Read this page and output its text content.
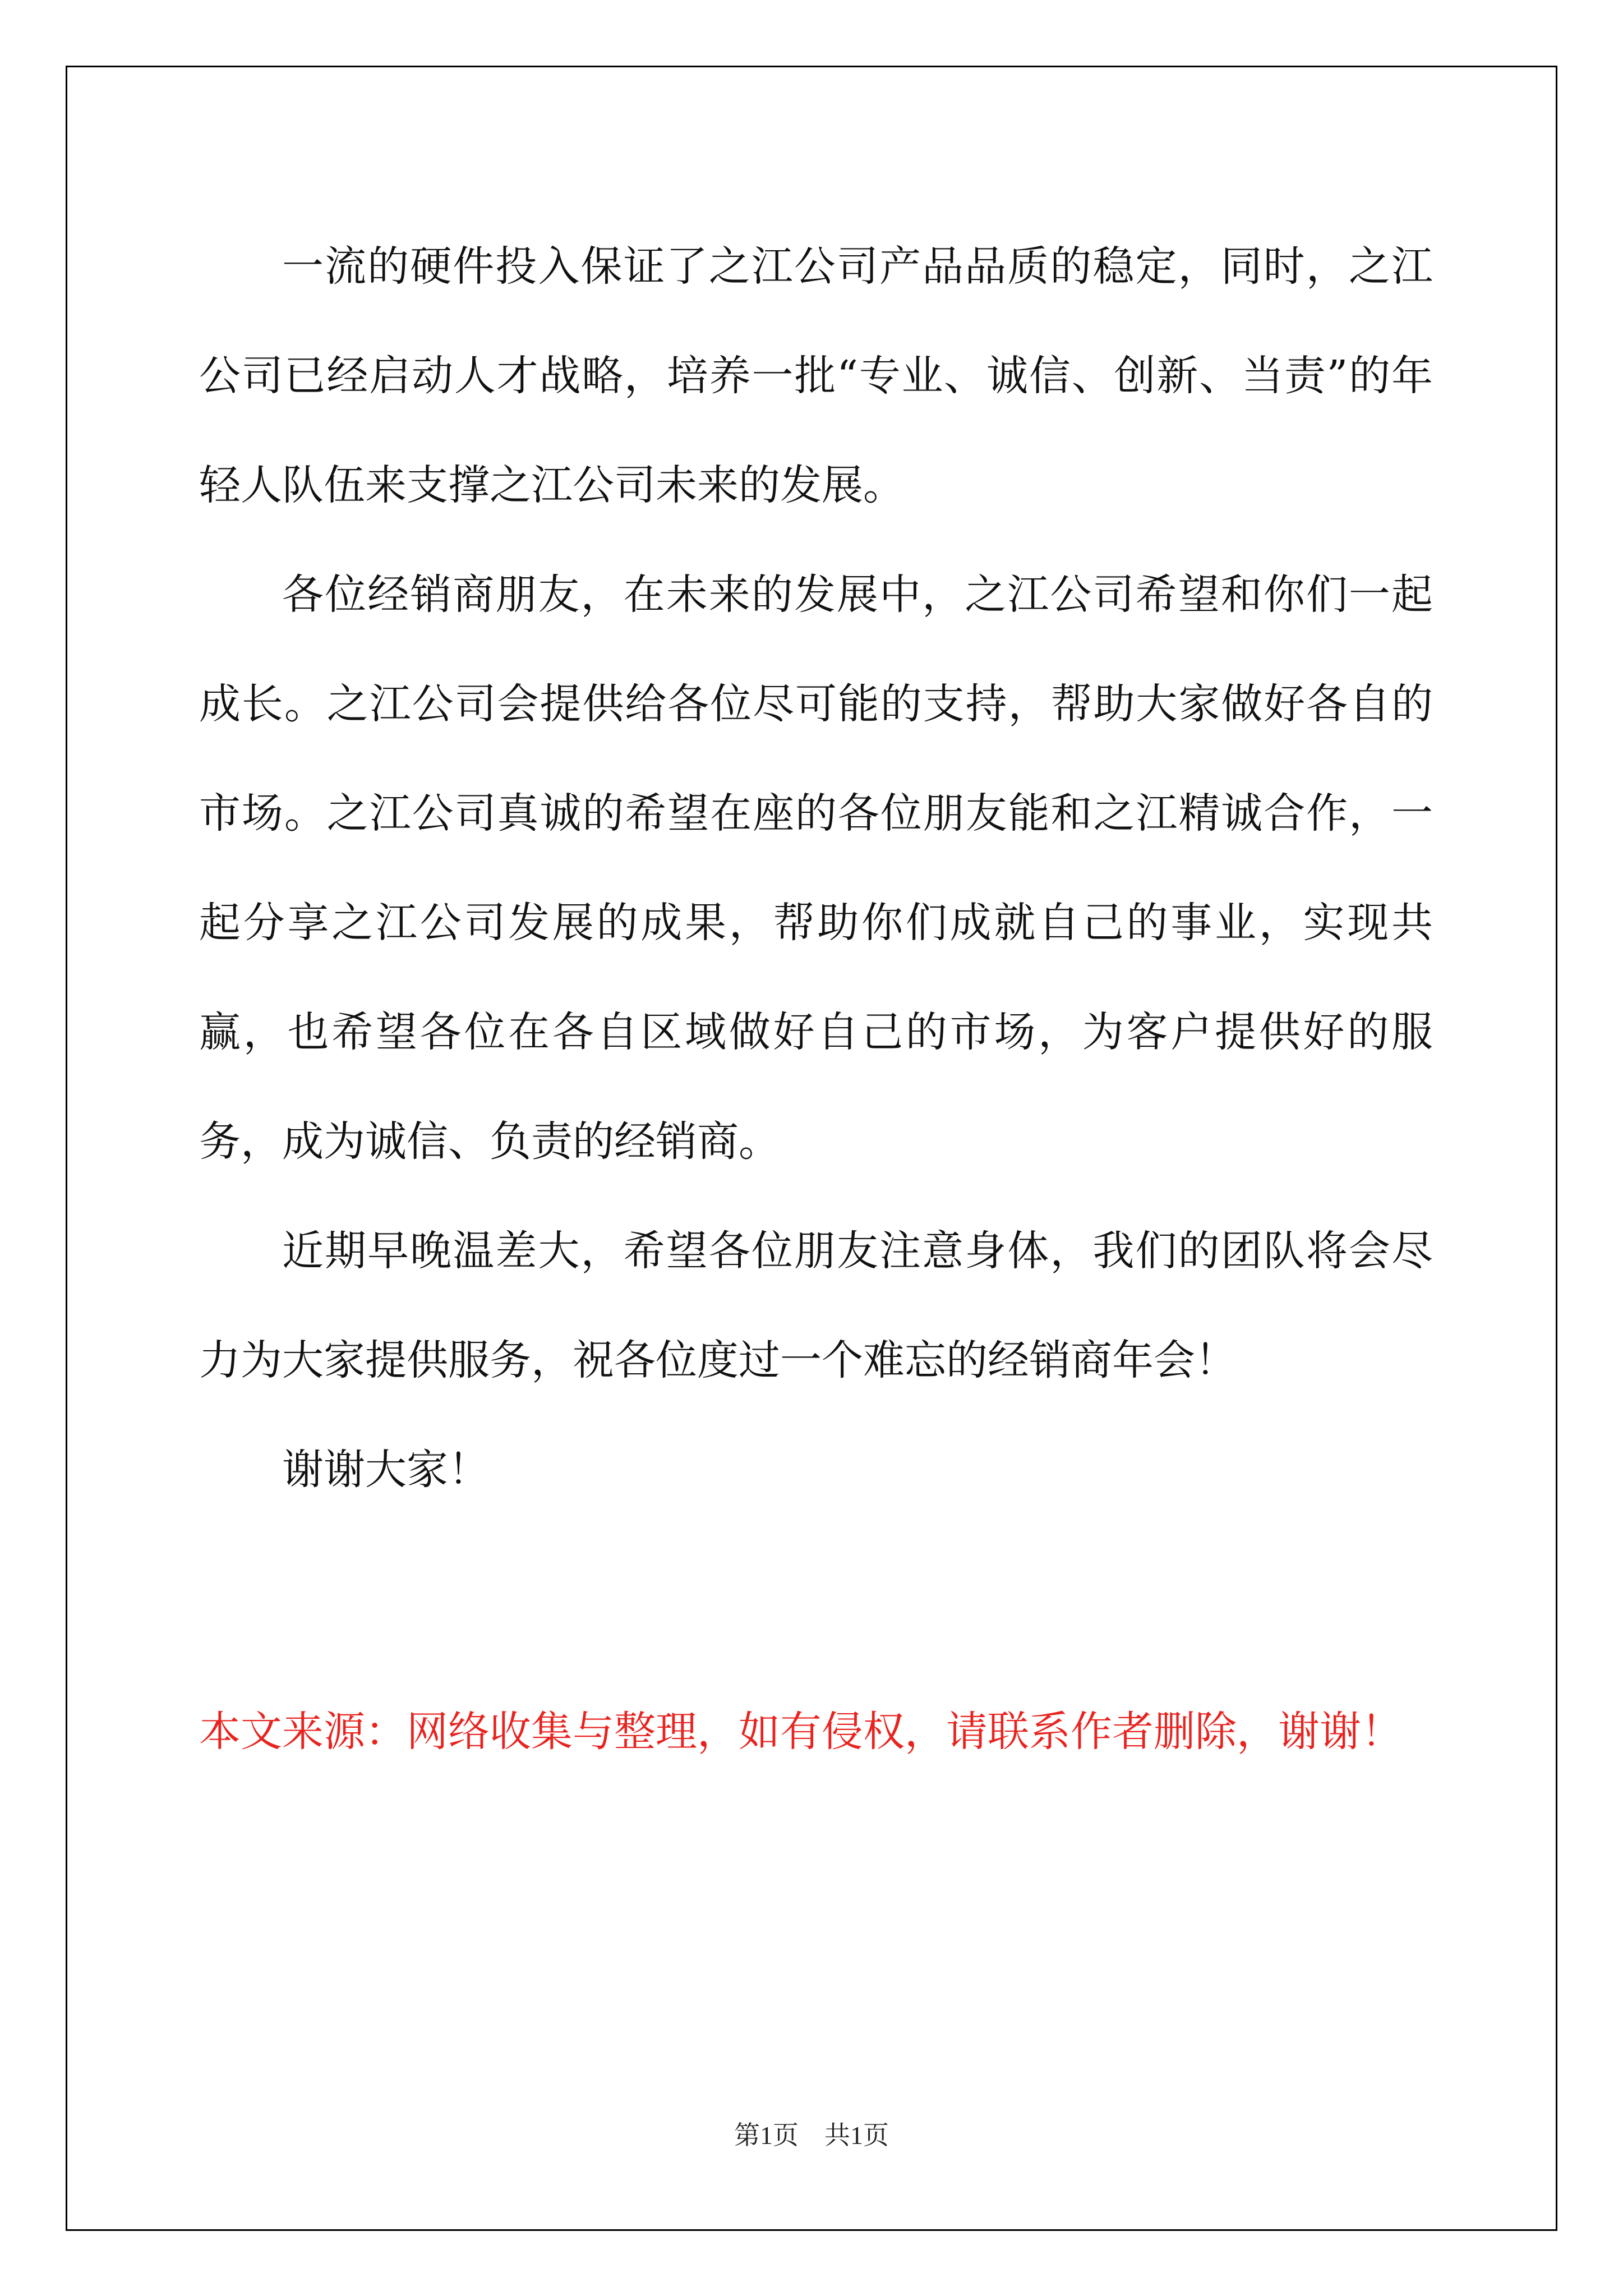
一流的硬件投入保证了之江公司产品品质的稳定，同时，之江公司已经启动人才战略，培养一批“专业、诚信、创新、当责”的年轻人队伍来支撑之江公司未来的发展。

各位经销商朋友，在未来的发展中，之江公司希望和你们一起成长。之江公司会提供给各位尽可能的支持，帮助大家做好各自的市场。之江公司真诚的希望在座的各位朋友能和之江精诚合作，一起分享之江公司发展的成果，帮助你们成就自己的事业，实现共赢，也希望各位在各自区域做好自己的市场，为客户提供好的服务，成为诚信、负责的经销商。

近期早晚温差大，希望各位朋友注意身体，我们的团队将会尽力为大家提供服务，祝各位度过一个难忘的经销商年会！

谢谢大家！

本文来源：网络收集与整理，如有侵权，请联系作者删除，谢谢！

第1页　共1页
